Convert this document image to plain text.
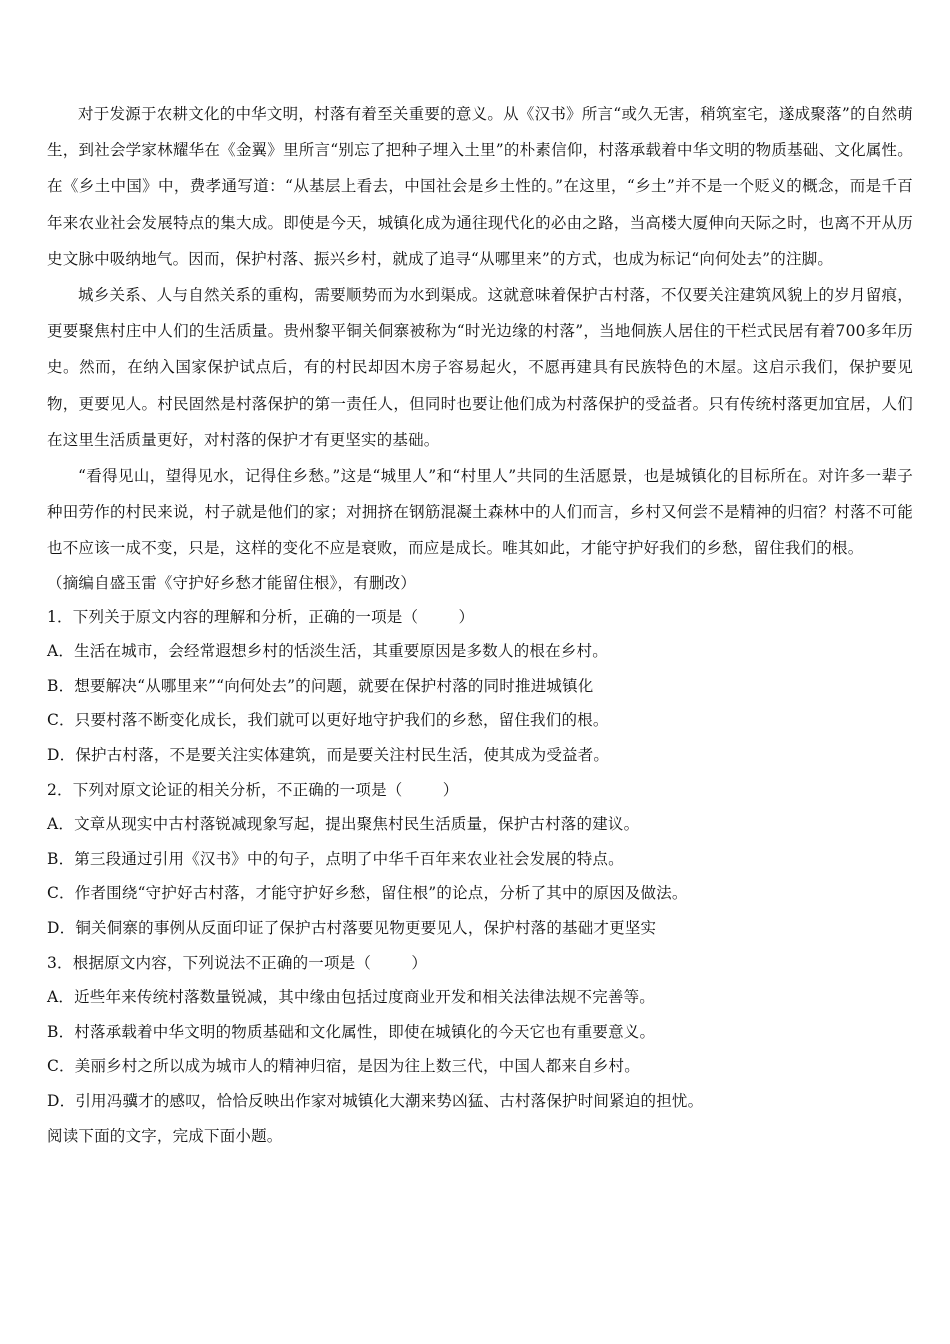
对于发源于农耕文化的中华文明，村落有着至关重要的意义。从《汉书》所言“或久无害，稍筑室宅，遂成聚落”的自然萌生，到社会学家林耀华在《金翼》里所言“别忘了把种子埋入土里”的朴素信仰，村落承载着中华文明的物质基础、文化属性。在《乡土中国》中，费孝通写道：“从基层上看去，中国社会是乡土性的。”在这里，“乡土”并不是一个贬义的概念，而是千百年来农业社会发展特点的集大成。即使是今天，城镇化成为通往现代化的必由之路，当高楼大厦伸向天际之时，也离不开从历史文脉中吸纳地气。因而，保护村落、振兴乡村，就成了追寻“从哪里来”的方式，也成为标记“向何处去”的注脚。

城乡关系、人与自然关系的重构，需要顺势而为水到渠成。这就意味着保护古村落，不仅要关注建筑风貌上的岁月留痕，更要聚焦村庄中人们的生活质量。贵州黎平铜关侗寨被称为“时光边缘的村落”，当地侗族人居住的干栏式民居有着700多年历史。然而，在纳入国家保护试点后，有的村民却因木房子容易起火，不愿再建具有民族特色的木屋。这启示我们，保护要见物，更要见人。村民固然是村落保护的第一责任人，但同时也要让他们成为村落保护的受益者。只有传统村落更加宜居，人们在这里生活质量更好，对村落的保护才有更坚实的基础。

“看得见山，望得见水，记得住乡愁。”这是“城里人”和“村里人”共同的生活愿景，也是城镇化的目标所在。对许多一辈子种田劳作的村民来说，村子就是他们的家；对拥挤在钢筋混凝土森林中的人们而言，乡村又何尝不是精神的归宿？村落不可能也不应该一成不变，只是，这样的变化不应是衰败，而应是成长。唯其如此，才能守护好我们的乡愁，留住我们的根。

（摘编自盛玉雷《守护好乡愁才能留住根》，有删改）

1．下列关于原文内容的理解和分析，正确的一项是（	）

A．生活在城市，会经常遐想乡村的恬淡生活，其重要原因是多数人的根在乡村。

B．想要解决“从哪里来”“向何处去”的问题，就要在保护村落的同时推进城镇化

C．只要村落不断变化成长，我们就可以更好地守护我们的乡愁，留住我们的根。

D．保护古村落，不是要关注实体建筑，而是要关注村民生活，使其成为受益者。

2．下列对原文论证的相关分析，不正确的一项是（	）

A．文章从现实中古村落锐减现象写起，提出聚焦村民生活质量，保护古村落的建议。

B．第三段通过引用《汉书》中的句子，点明了中华千百年来农业社会发展的特点。

C．作者围绕“守护好古村落，才能守护好乡愁，留住根”的论点，分析了其中的原因及做法。

D．铜关侗寨的事例从反面印证了保护古村落要见物更要见人，保护村落的基础才更坚实

3．根据原文内容，下列说法不正确的一项是（	）

A．近些年来传统村落数量锐减，其中缘由包括过度商业开发和相关法律法规不完善等。

B．村落承载着中华文明的物质基础和文化属性，即使在城镇化的今天它也有重要意义。

C．美丽乡村之所以成为城市人的精神归宿，是因为往上数三代，中国人都来自乡村。

D．引用冯骥才的感叹，恰恰反映出作家对城镇化大潮来势凶猛、古村落保护时间紧迫的担忧。

阅读下面的文字，完成下面小题。
